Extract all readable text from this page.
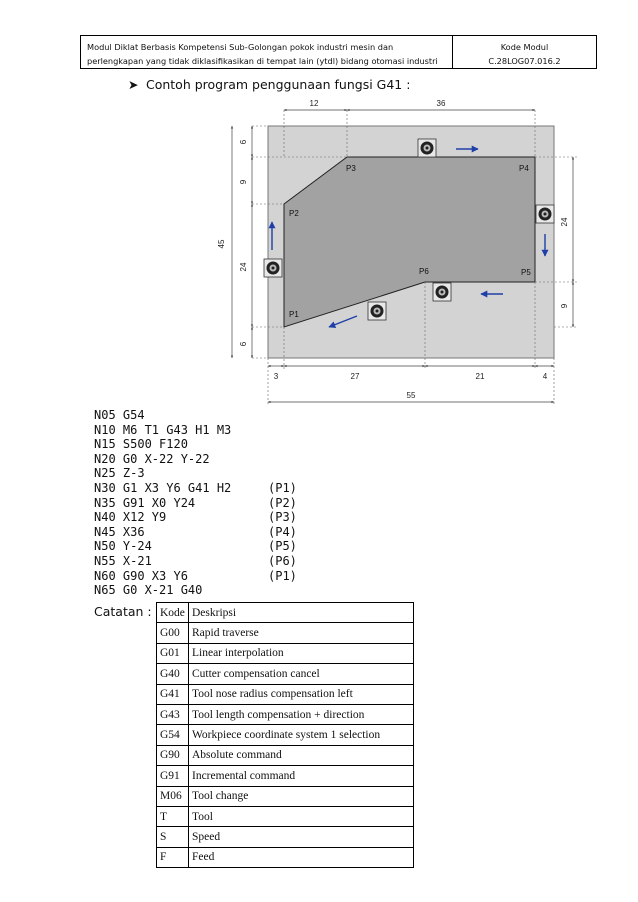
Modul Diklat Berbasis Kompetensi Sub-Golongan pokok industri mesin dan
perlengkapan yang tidak diklasifikasikan di tempat lain (ytdl) bidang otomasi industri
Kode Modul
C.28LOG07.016.2
➤ Contoh program penggunaan fungsi G41 :
12	36
45
6
9
24
6
24
9
3	27	21	4
55
P1
P2
P3	P4
P5
P6
N05 G54
N10 M6 T1 G43 H1 M3
N15 S500 F120
N20 G0 X-22 Y-22
N25 Z-3
N30 G1 X3 Y6 G41 H2	(P1)
N35 G91 X0 Y24	(P2)
N40 X12 Y9	(P3)
N45 X36	(P4)
N50 Y-24	(P5)
N55 X-21	(P6)
N60 G90 X3 Y6	(P1)
N65 G0 X-21 G40
Catatan : Kode	Deskripsi
G00	Rapid traverse
G01	Linear interpolation
G40	Cutter compensation cancel
G41	Tool nose radius compensation left
G43	Tool length compensation + direction
G54	Workpiece coordinate system 1 selection
G90	Absolute command
G91	Incremental command
M06	Tool change
T	Tool
S	Speed
F	Feed
